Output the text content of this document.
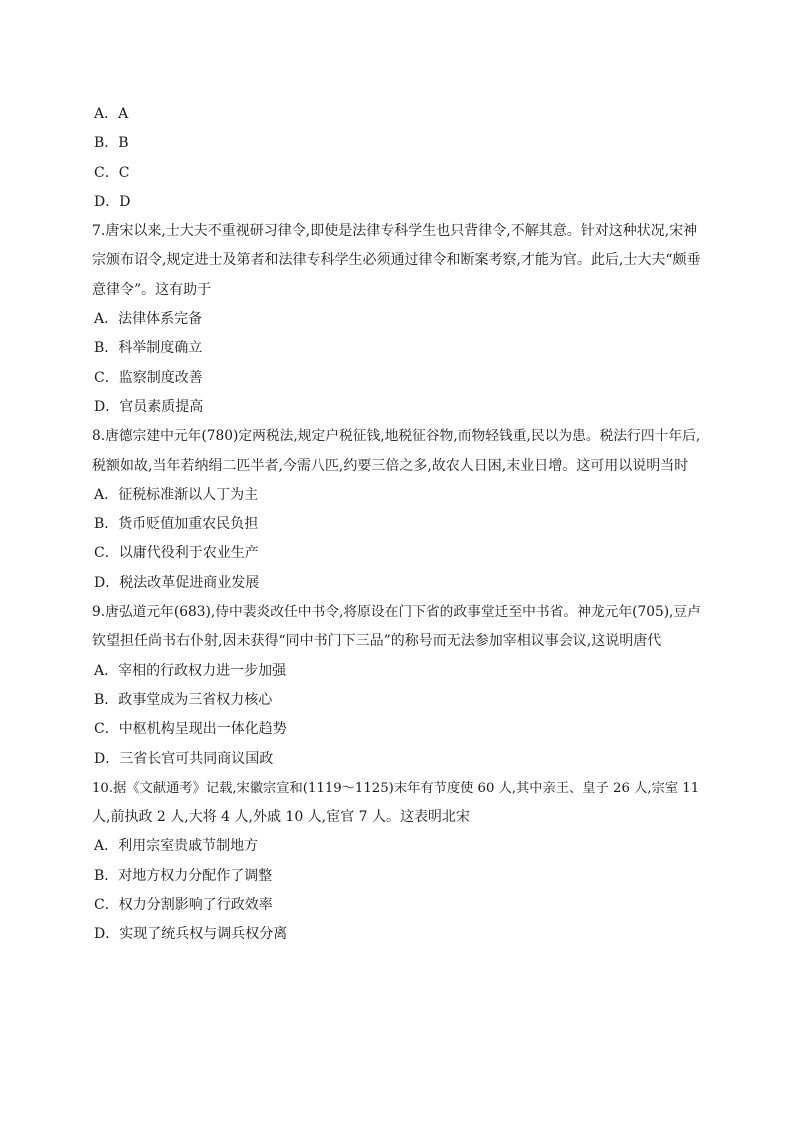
A．A
B．B
C．C
D．D
7.唐宋以来,士大夫不重视研习律令,即使是法律专科学生也只背律令,不解其意。针对这种状况,宋神
宗颁布诏令,规定进士及第者和法律专科学生必须通过律令和断案考察,才能为官。此后,士大夫“颇垂
意律令”。这有助于
A．法律体系完备
B．科举制度确立
C．监察制度改善
D．官员素质提高
8.唐德宗建中元年(780)定两税法,规定户税征钱,地税征谷物,而物轻钱重,民以为患。税法行四十年后,
税额如故,当年若纳绢二匹半者,今需八匹,约要三倍之多,故农人日困,末业日增。这可用以说明当时
A．征税标准渐以人丁为主
B．货币贬值加重农民负担
C．以庸代役利于农业生产
D．税法改革促进商业发展
9.唐弘道元年(683),侍中裴炎改任中书令,将原设在门下省的政事堂迁至中书省。神龙元年(705),豆卢
钦望担任尚书右仆射,因未获得“同中书门下三品”的称号而无法参加宰相议事会议,这说明唐代
A．宰相的行政权力进一步加强
B．政事堂成为三省权力核心
C．中枢机构呈现出一体化趋势
D．三省长官可共同商议国政
10.据《文献通考》记载,宋徽宗宣和(1119～1125)末年有节度使 60 人,其中亲王、皇子 26 人,宗室 11
人,前执政 2 人,大将 4 人,外戚 10 人,宦官 7 人。这表明北宋
A．利用宗室贵戚节制地方
B．对地方权力分配作了调整
C．权力分割影响了行政效率
D．实现了统兵权与调兵权分离
